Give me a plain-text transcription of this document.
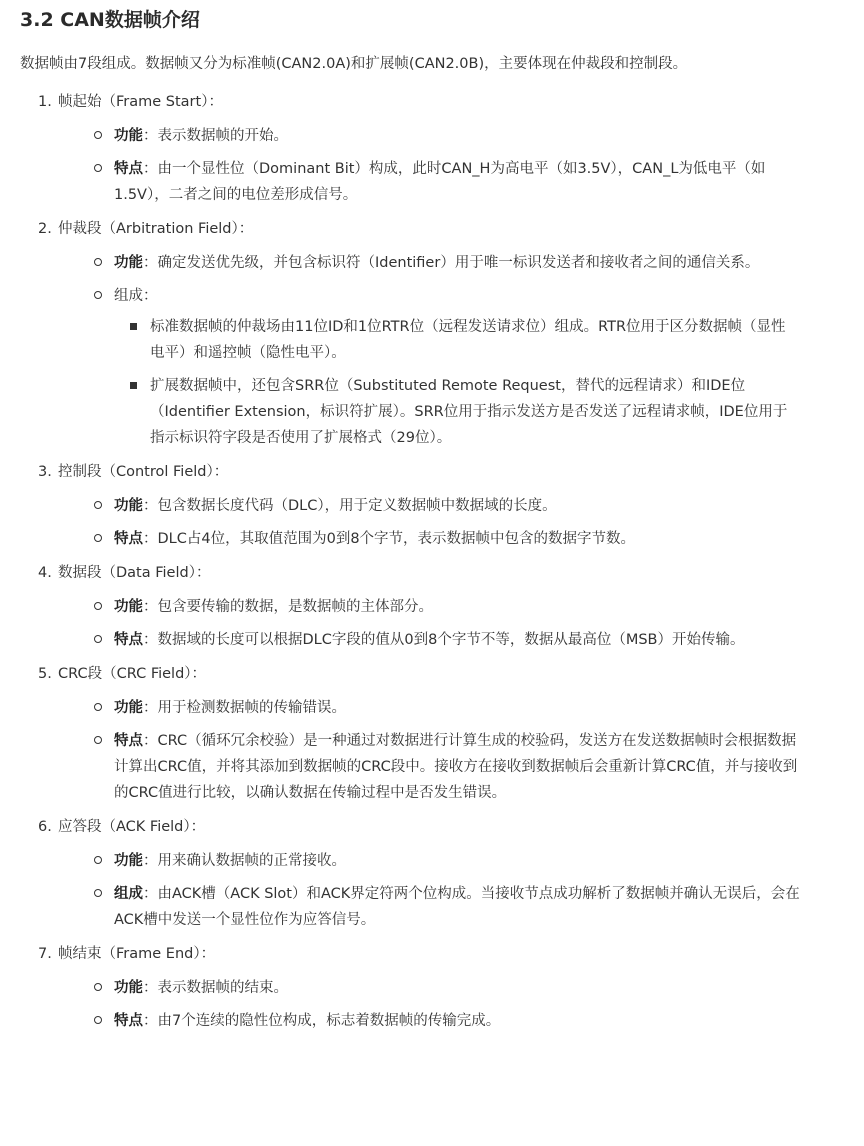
3.2 CAN数据帧介绍
数据帧由7段组成。数据帧又分为标准帧(CAN2.0A)和扩展帧(CAN2.0B)，主要体现在仲裁段和控制段。
1. 帧起始（Frame Start）：
功能：表示数据帧的开始。
特点：由一个显性位（Dominant Bit）构成，此时CAN_H为高电平（如3.5V），CAN_L为低电平（如1.5V），二者之间的电位差形成信号。
2. 仲裁段（Arbitration Field）：
功能：确定发送优先级，并包含标识符（Identifier）用于唯一标识发送者和接收者之间的通信关系。
组成：
标准数据帧的仲裁场由11位ID和1位RTR位（远程发送请求位）组成。RTR位用于区分数据帧（显性电平）和遥控帧（隐性电平）。
扩展数据帧中，还包含SRR位（Substituted Remote Request，替代的远程请求）和IDE位（Identifier Extension，标识符扩展）。SRR位用于指示发送方是否发送了远程请求帧，IDE位用于指示标识符字段是否使用了扩展格式（29位）。
3. 控制段（Control Field）：
功能：包含数据长度代码（DLC），用于定义数据帧中数据域的长度。
特点：DLC占4位，其取值范围为0到8个字节，表示数据帧中包含的数据字节数。
4. 数据段（Data Field）：
功能：包含要传输的数据，是数据帧的主体部分。
特点：数据域的长度可以根据DLC字段的值从0到8个字节不等，数据从最高位（MSB）开始传输。
5. CRC段（CRC Field）：
功能：用于检测数据帧的传输错误。
特点：CRC（循环冗余校验）是一种通过对数据进行计算生成的校验码，发送方在发送数据帧时会根据数据计算出CRC值，并将其添加到数据帧的CRC段中。接收方在接收到数据帧后会重新计算CRC值，并与接收到的CRC值进行比较，以确认数据在传输过程中是否发生错误。
6. 应答段（ACK Field）：
功能：用来确认数据帧的正常接收。
组成：由ACK槽（ACK Slot）和ACK界定符两个位构成。当接收节点成功解析了数据帧并确认无误后，会在ACK槽中发送一个显性位作为应答信号。
7. 帧结束（Frame End）：
功能：表示数据帧的结束。
特点：由7个连续的隐性位构成，标志着数据帧的传输完成。
